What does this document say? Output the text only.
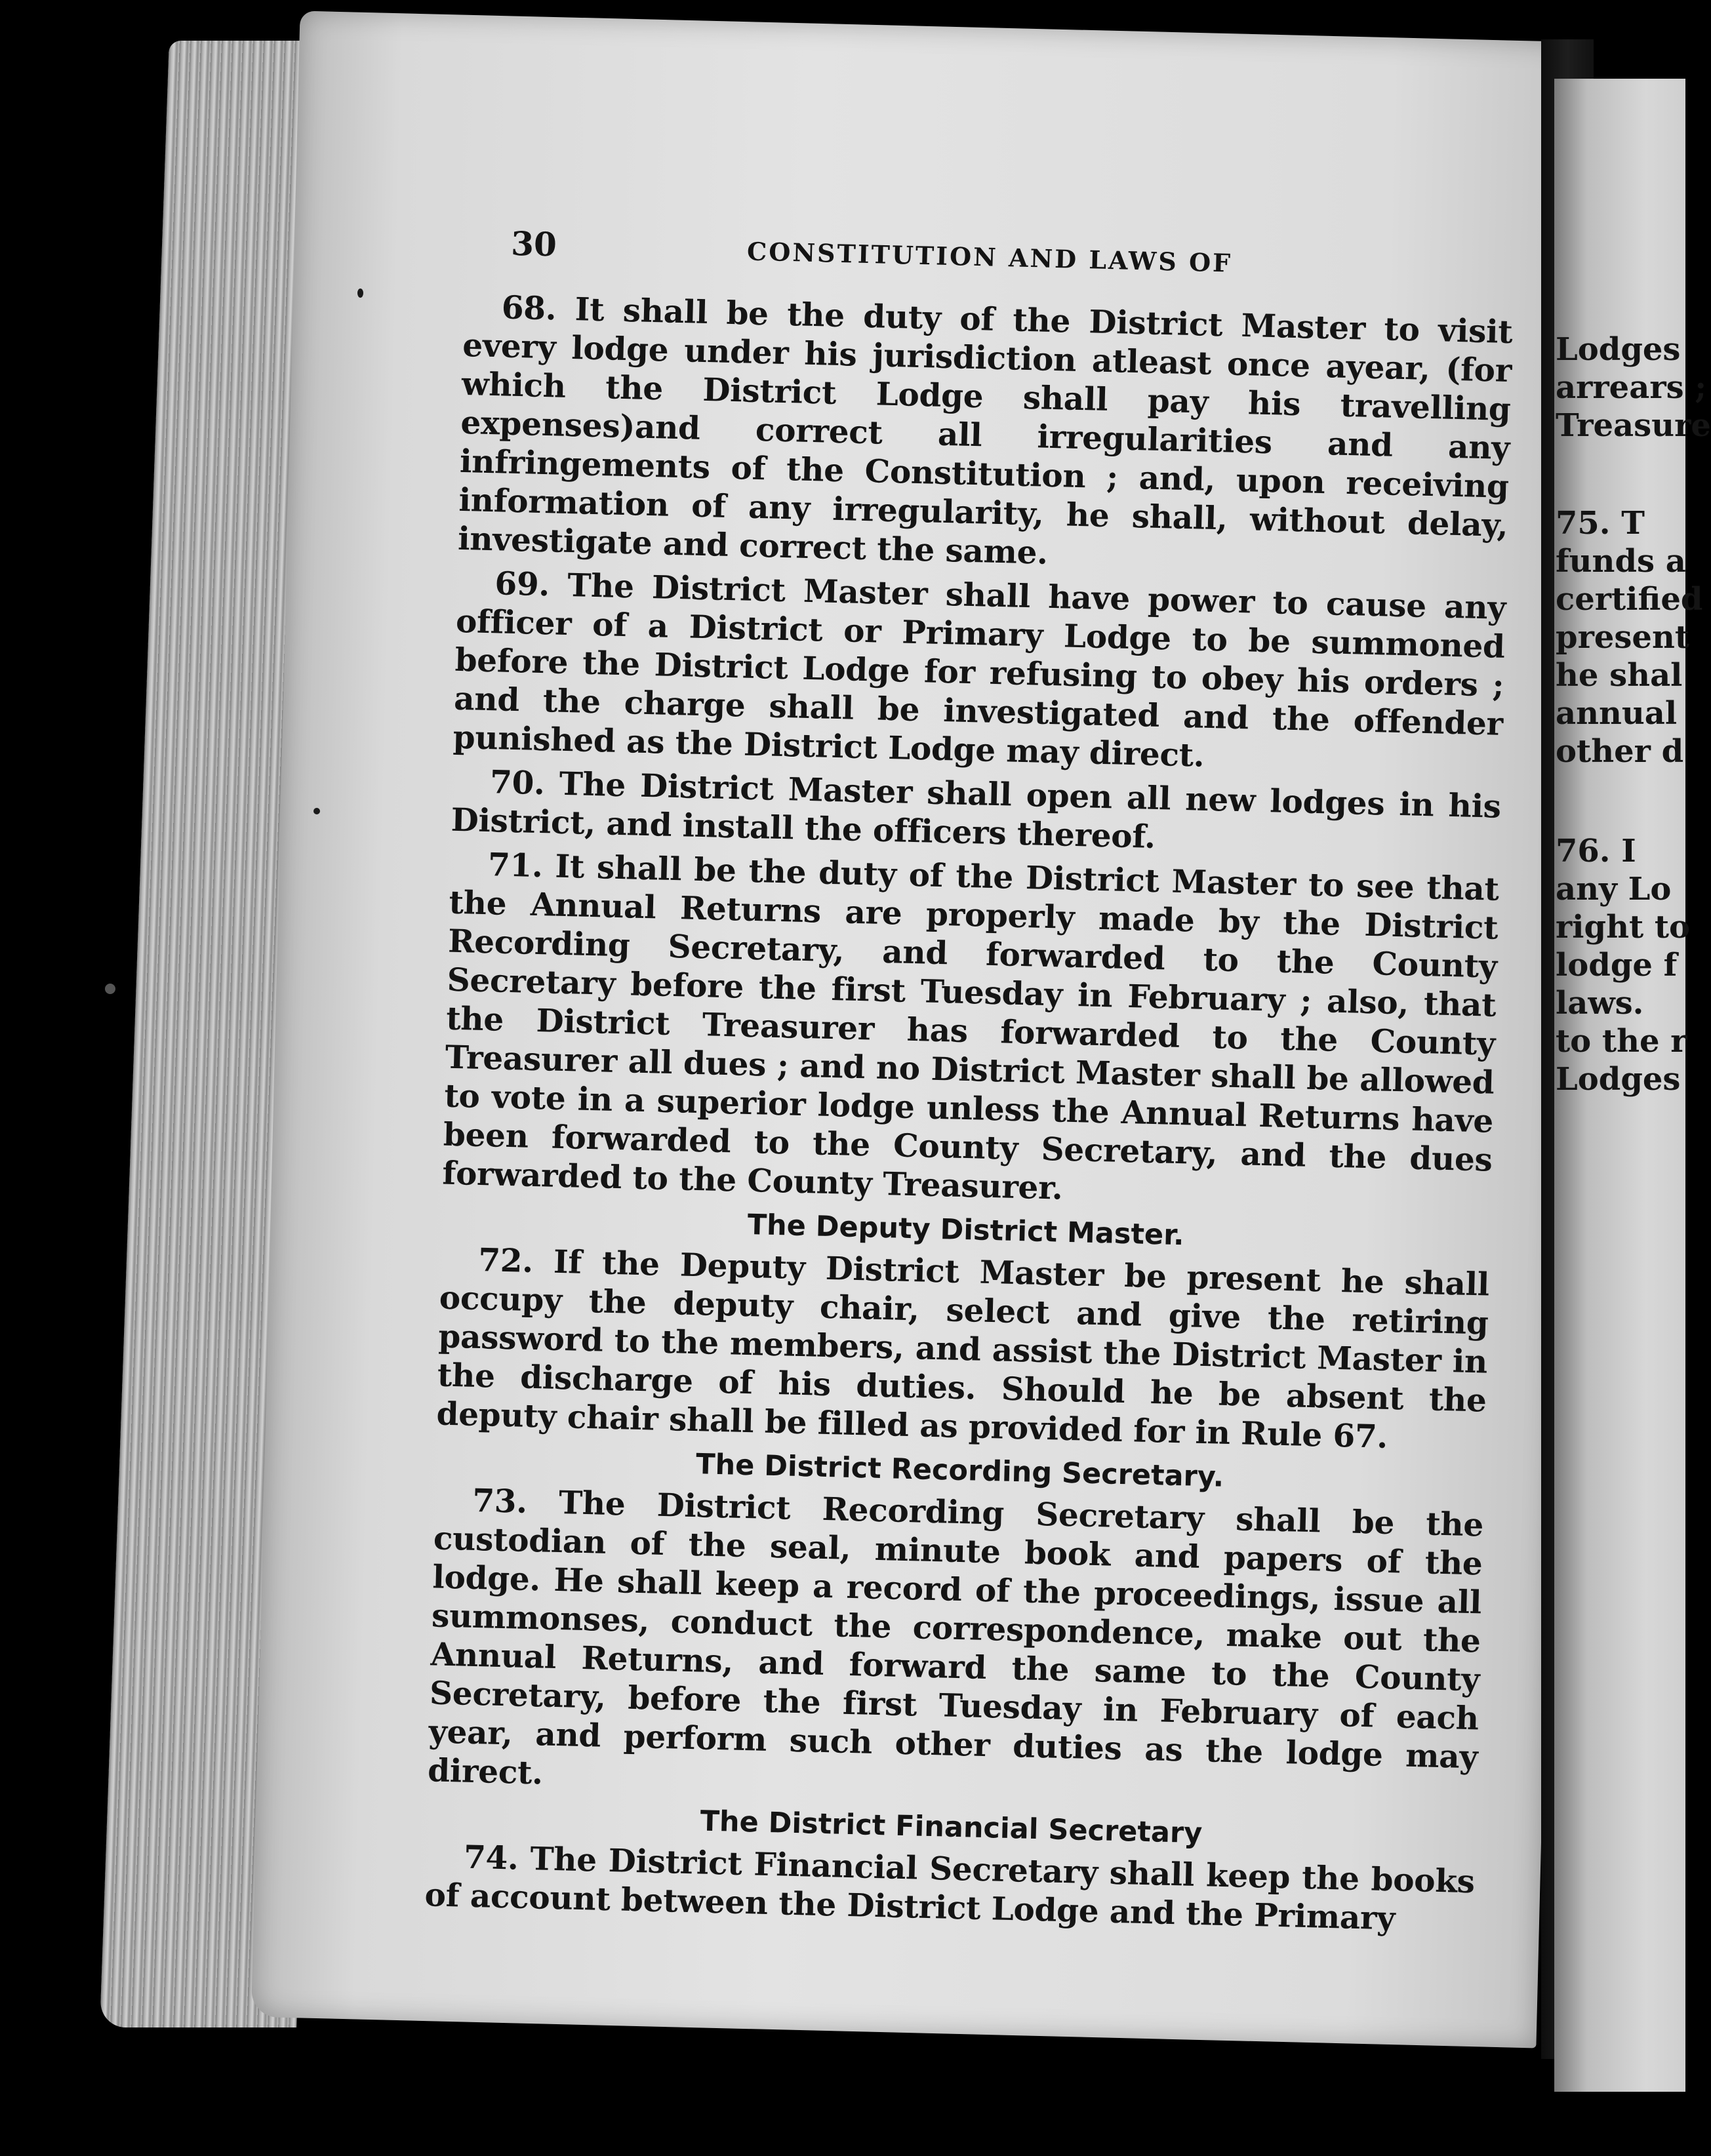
Lodges
arrears ;
Treasure
75. T
funds a
certified
present
he shal
annual
other d
76. I
any Lo
right to
lodge f
laws.
to the r
Lodges
30	CONSTITUTION AND LAWS OF
68. It shall be the duty of the District Master to visit every lodge under his jurisdiction atleast once ayear, (for which the District Lodge shall pay his travelling expenses)and correct all irregularities and any infringements of the Constitution ; and, upon receiving information of any irregularity, he shall, without delay, investigate and correct the same.
69. The District Master shall have power to cause any officer of a District or Primary Lodge to be summoned before the District Lodge for refusing to obey his orders ; and the charge shall be investigated and the offender punished as the District Lodge may direct.
70. The District Master shall open all new lodges in his District, and install the officers thereof.
71. It shall be the duty of the District Master to see that the Annual Returns are properly made by the District Recording Secretary, and forwarded to the County Secretary before the first Tuesday in February ; also, that the District Treasurer has forwarded to the County Treasurer all dues ; and no District Master shall be allowed to vote in a superior lodge unless the Annual Returns have been forwarded to the County Secretary, and the dues forwarded to the County Treasurer.
The Deputy District Master.
72. If the Deputy District Master be present he shall occupy the deputy chair, select and give the retiring password to the members, and assist the District Master in the discharge of his duties. Should he be absent the deputy chair shall be filled as provided for in Rule 67.
The District Recording Secretary.
73. The District Recording Secretary shall be the custodian of the seal, minute book and papers of the lodge. He shall keep a record of the proceedings, issue all summonses, conduct the correspondence, make out the Annual Returns, and forward the same to the County Secretary, before the first Tuesday in February of each year, and perform such other duties as the lodge may direct.
The District Financial Secretary
74. The District Financial Secretary shall keep the books of account between the District Lodge and the Primary
